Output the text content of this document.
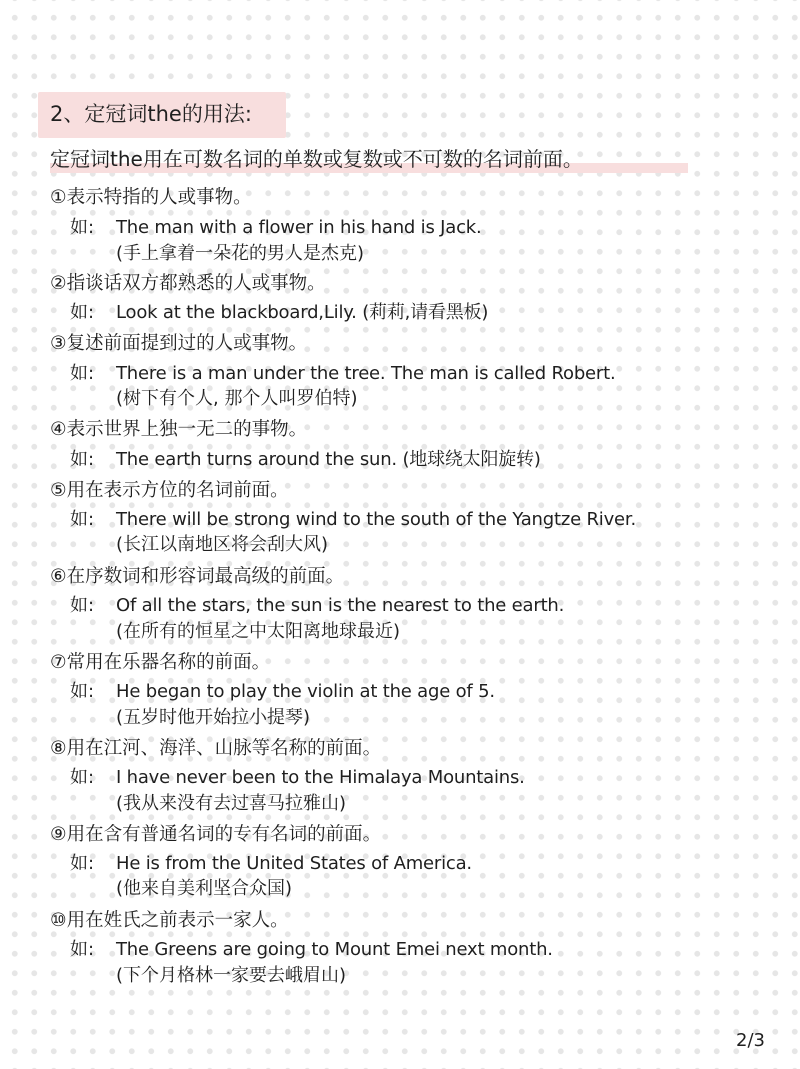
2、定冠词the的用法:
定冠词the用在可数名词的单数或复数或不可数的名词前面。
①表示特指的人或事物。
如: The man with a flower in his hand is Jack.
(手上拿着一朵花的男人是杰克)
②指谈话双方都熟悉的人或事物。
如: Look at the blackboard,Lily. (莉莉,请看黑板)
③复述前面提到过的人或事物。
如: There is a man under the tree. The man is called Robert.
(树下有个人, 那个人叫罗伯特)
④表示世界上独一无二的事物。
如: The earth turns around the sun. (地球绕太阳旋转)
⑤用在表示方位的名词前面。
如: There will be strong wind to the south of the Yangtze River.
(长江以南地区将会刮大风)
⑥在序数词和形容词最高级的前面。
如: Of all the stars, the sun is the nearest to the earth.
(在所有的恒星之中太阳离地球最近)
⑦常用在乐器名称的前面。
如: He began to play the violin at the age of 5.
(五岁时他开始拉小提琴)
⑧用在江河、海洋、山脉等名称的前面。
如: I have never been to the Himalaya Mountains.
(我从来没有去过喜马拉雅山)
⑨用在含有普通名词的专有名词的前面。
如: He is from the United States of America.
(他来自美利坚合众国)
⑩用在姓氏之前表示一家人。
如: The Greens are going to Mount Emei next month.
(下个月格林一家要去峨眉山)
2/3
